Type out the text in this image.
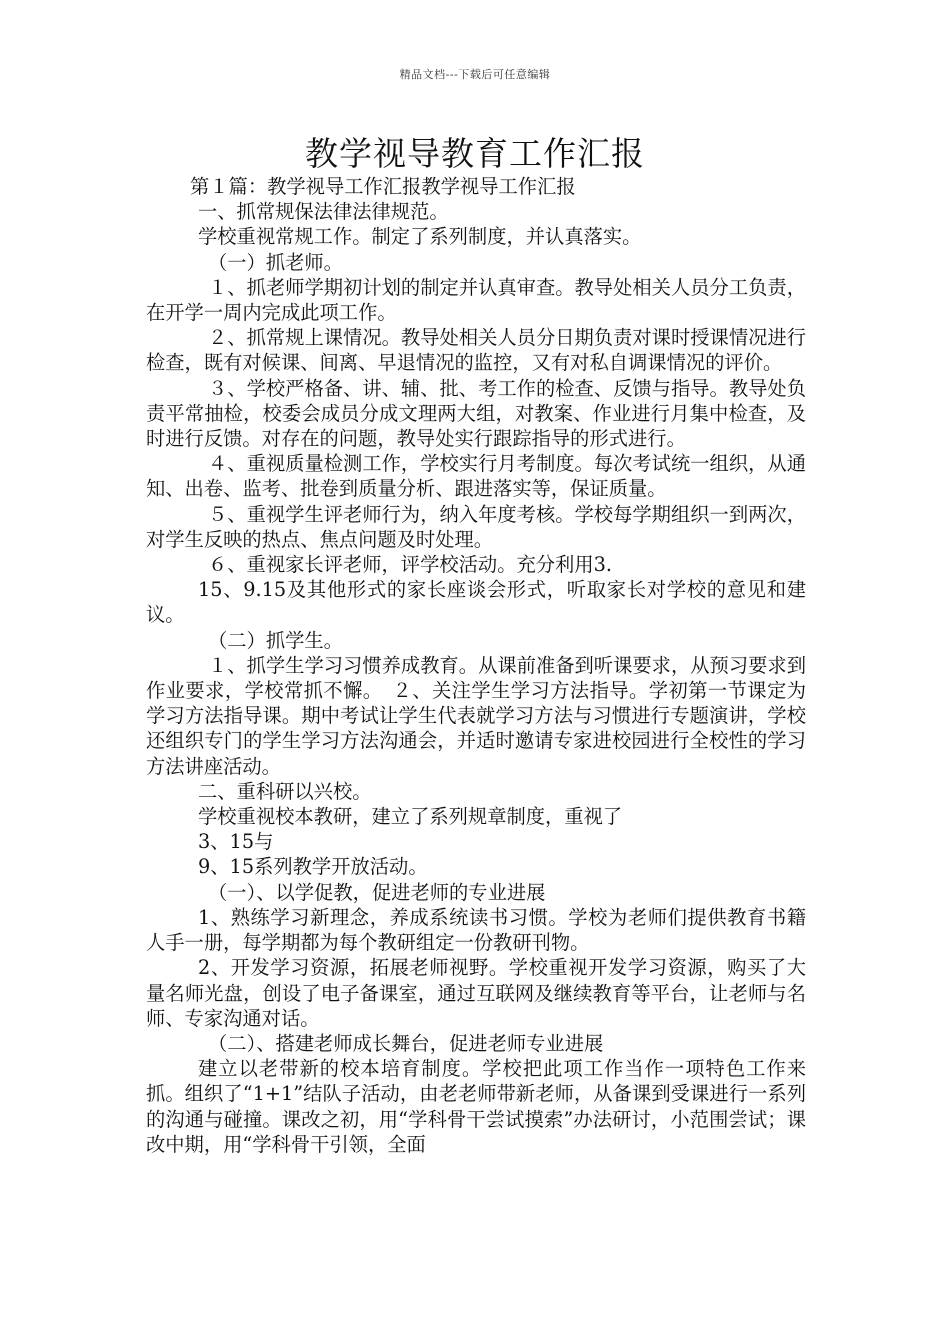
精品文档---下载后可任意编辑
教学视导教育工作汇报

第１篇：教学视导工作汇报教学视导工作汇报

一、抓常规保法律法律规范。

学校重视常规工作。制定了系列制度，并认真落实。

（一）抓老师。

１、抓老师学期初计划的制定并认真审查。教导处相关人员分工负责，在开学一周内完成此项工作。

２、抓常规上课情况。教导处相关人员分日期负责对课时授课情况进行检查，既有对候课、间离、早退情况的监控，又有对私自调课情况的评价。

３、学校严格备、讲、辅、批、考工作的检查、反馈与指导。教导处负责平常抽检，校委会成员分成文理两大组，对教案、作业进行月集中检查，及时进行反馈。对存在的问题，教导处实行跟踪指导的形式进行。

４、重视质量检测工作，学校实行月考制度。每次考试统一组织，从通知、出卷、监考、批卷到质量分析、跟进落实等，保证质量。

５、重视学生评老师行为，纳入年度考核。学校每学期组织一到两次，对学生反映的热点、焦点问题及时处理。

６、重视家长评老师，评学校活动。充分利用3.

15、9.15及其他形式的家长座谈会形式，听取家长对学校的意见和建议。

（二）抓学生。

１、抓学生学习习惯养成教育。从课前准备到听课要求，从预习要求到作业要求，学校常抓不懈。　２、关注学生学习方法指导。学初第一节课定为学习方法指导课。期中考试让学生代表就学习方法与习惯进行专题演讲，学校还组织专门的学生学习方法沟通会，并适时邀请专家进校园进行全校性的学习方法讲座活动。

二、重科研以兴校。

学校重视校本教研，建立了系列规章制度，重视了

3、15与

9、15系列教学开放活动。

（一）、以学促教，促进老师的专业进展

1、熟练学习新理念，养成系统读书习惯。学校为老师们提供教育书籍人手一册，每学期都为每个教研组定一份教研刊物。

2、开发学习资源，拓展老师视野。学校重视开发学习资源，购买了大量名师光盘，创设了电子备课室，通过互联网及继续教育等平台，让老师与名师、专家沟通对话。

（二）、搭建老师成长舞台，促进老师专业进展

建立以老带新的校本培育制度。学校把此项工作当作一项特色工作来抓。组织了“1+1”结队子活动，由老老师带新老师，从备课到受课进行一系列的沟通与碰撞。课改之初，用“学科骨干尝试摸索”办法研讨，小范围尝试；课改中期，用“学科骨干引领，全面
